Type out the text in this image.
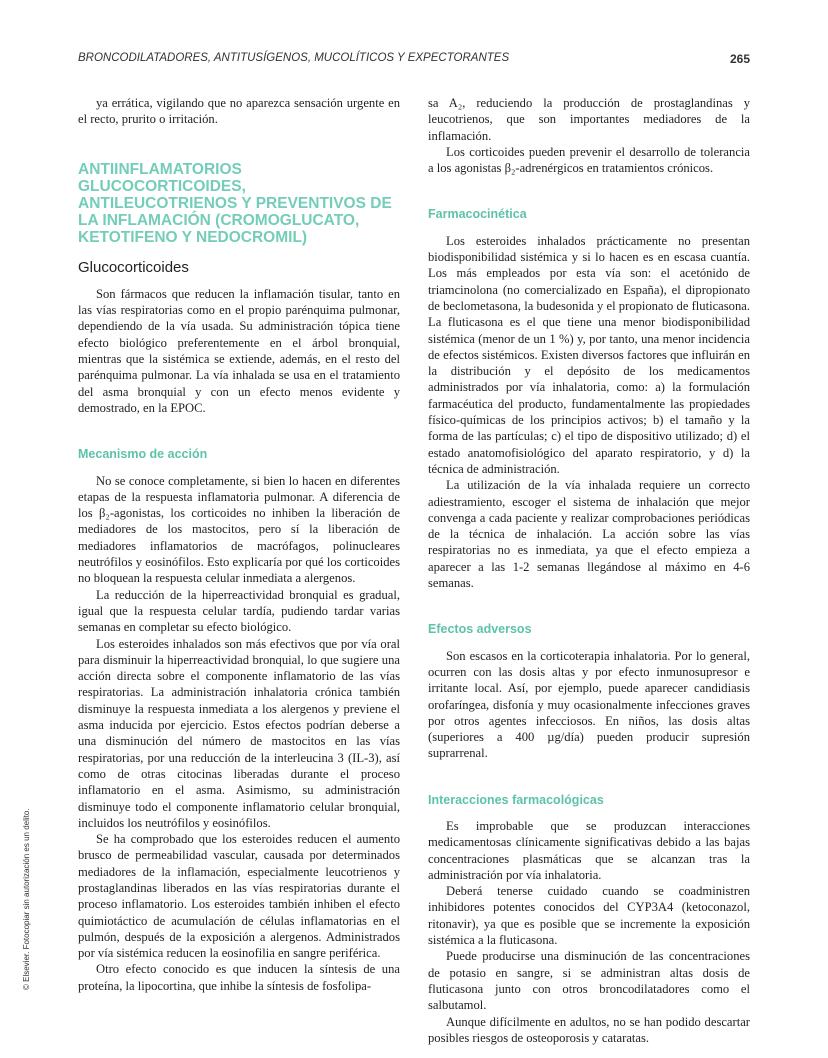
BRONCODILATADORES, ANTITUSÍGENOS, MUCOLÍTICOS Y EXPECTORANTES	265

ya errática, vigilando que no aparezca sensación urgente en el recto, prurito o irritación.

ANTIINFLAMATORIOS GLUCOCORTICOIDES, ANTILEUCOTRIENOS Y PREVENTIVOS DE LA INFLAMACIÓN (CROMOGLUCATO, KETOTIFENO Y NEDOCROMIL)
Glucocorticoides

Son fármacos que reducen la inflamación tisular, tanto en las vías respiratorias como en el propio parénquima pulmonar, dependiendo de la vía usada. Su administración tópica tiene efecto biológico preferentemente en el árbol bronquial, mientras que la sistémica se extiende, además, en el resto del parénquima pulmonar. La vía inhalada se usa en el tratamiento del asma bronquial y con un efecto menos evidente y demostrado, en la EPOC.

Mecanismo de acción

No se conoce completamente, si bien lo hacen en diferentes etapas de la respuesta inflamatoria pulmonar. A diferencia de los β₂-agonistas, los corticoides no inhiben la liberación de mediadores de los mastocitos, pero sí la liberación de mediadores inflamatorios de macrófagos, polinucleares neutrófilos y eosinófilos. Esto explicaría por qué los corticoides no bloquean la respuesta celular inmediata a alergenos.

La reducción de la hiperreactividad bronquial es gradual, igual que la respuesta celular tardía, pudiendo tardar varias semanas en completar su efecto biológico.

Los esteroides inhalados son más efectivos que por vía oral para disminuir la hiperreactividad bronquial, lo que sugiere una acción directa sobre el componente inflamatorio de las vías respiratorias. La administración inhalatoria crónica también disminuye la respuesta inmediata a los alergenos y previene el asma inducida por ejercicio. Estos efectos podrían deberse a una disminución del número de mastocitos en las vías respiratorias, por una reducción de la interleucina 3 (IL-3), así como de otras citocinas liberadas durante el proceso inflamatorio en el asma. Asimismo, su administración disminuye todo el componente inflamatorio celular bronquial, incluidos los neutrófilos y eosinófilos.

Se ha comprobado que los esteroides reducen el aumento brusco de permeabilidad vascular, causada por determinados mediadores de la inflamación, especialmente leucotrienos y prostaglandinas liberados en las vías respiratorias durante el proceso inflamatorio. Los esteroides también inhiben el efecto quimiotáctico de acumulación de células inflamatorias en el pulmón, después de la exposición a alergenos. Administrados por vía sistémica reducen la eosinofilia en sangre periférica.

Otro efecto conocido es que inducen la síntesis de una proteína, la lipocortina, que inhibe la síntesis de fosfolipa-

sa A₂, reduciendo la producción de prostaglandinas y leucotrienos, que son importantes mediadores de la inflamación.

Los corticoides pueden prevenir el desarrollo de tolerancia a los agonistas β₂-adrenérgicos en tratamientos crónicos.

Farmacocinética

Los esteroides inhalados prácticamente no presentan biodisponibilidad sistémica y si lo hacen es en escasa cuantía. Los más empleados por esta vía son: el acetónido de triamcinolona (no comercializado en España), el dipropionato de beclometasona, la budesonida y el propionato de fluticasona. La fluticasona es el que tiene una menor biodisponibilidad sistémica (menor de un 1 %) y, por tanto, una menor incidencia de efectos sistémicos. Existen diversos factores que influirán en la distribución y el depósito de los medicamentos administrados por vía inhalatoria, como: a) la formulación farmacéutica del producto, fundamentalmente las propiedades físico-químicas de los principios activos; b) el tamaño y la forma de las partículas; c) el tipo de dispositivo utilizado; d) el estado anatomofisiológico del aparato respiratorio, y d) la técnica de administración.

La utilización de la vía inhalada requiere un correcto adiestramiento, escoger el sistema de inhalación que mejor convenga a cada paciente y realizar comprobaciones periódicas de la técnica de inhalación. La acción sobre las vías respiratorias no es inmediata, ya que el efecto empieza a aparecer a las 1-2 semanas llegándose al máximo en 4-6 semanas.

Efectos adversos

Son escasos en la corticoterapia inhalatoria. Por lo general, ocurren con las dosis altas y por efecto inmunosupresor e irritante local. Así, por ejemplo, puede aparecer candidiasis orofaríngea, disfonía y muy ocasionalmente infecciones graves por otros agentes infecciosos. En niños, las dosis altas (superiores a 400 µg/día) pueden producir supresión suprarrenal.

Interacciones farmacológicas

Es improbable que se produzcan interacciones medicamentosas clínicamente significativas debido a las bajas concentraciones plasmáticas que se alcanzan tras la administración por vía inhalatoria.

Deberá tenerse cuidado cuando se coadministren inhibidores potentes conocidos del CYP3A4 (ketoconazol, ritonavir), ya que es posible que se incremente la exposición sistémica a la fluticasona.

Puede producirse una disminución de las concentraciones de potasio en sangre, si se administran altas dosis de fluticasona junto con otros broncodilatadores como el salbutamol.

Aunque difícilmente en adultos, no se han podido descartar posibles riesgos de osteoporosis y cataratas.

© Elsevier. Fotocopiar sin autorización es un delito.
